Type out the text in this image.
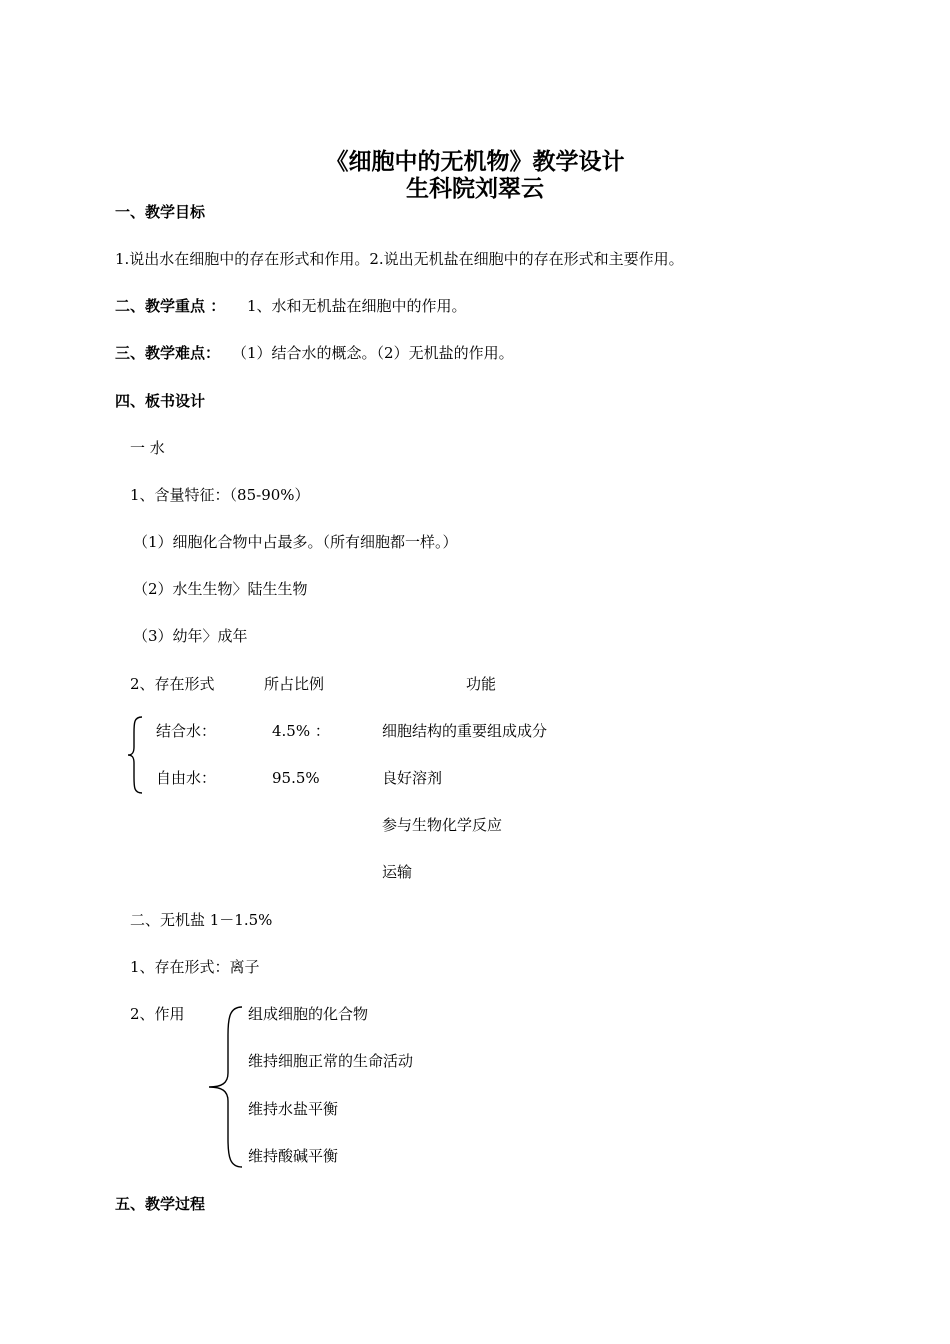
《细胞中的无机物》教学设计
生科院刘翠云
一、教学目标
1.说出水在细胞中的存在形式和作用。2.说出无机盐在细胞中的存在形式和主要作用。
二、教学重点 ： 1、水和无机盐在细胞中的作用。
三、教学难点： （1）结合水的概念。（2）无机盐的作用。
四、板书设计
一 水
1、含量特征：（85-90%）
（1）细胞化合物中占最多。（所有细胞都一样。）
（2）水生生物〉陆生生物
（3）幼年〉成年
2、存在形式	所占比例	功能
结合水：	4.5% ：	细胞结构的重要组成成分
自由水：	95.5%	良好溶剂
参与生物化学反应
运输
二、无机盐 1－1.5%
1、存在形式：离子
2、作用	组成细胞的化合物
维持细胞正常的生命活动
维持水盐平衡
维持酸碱平衡
五、教学过程
